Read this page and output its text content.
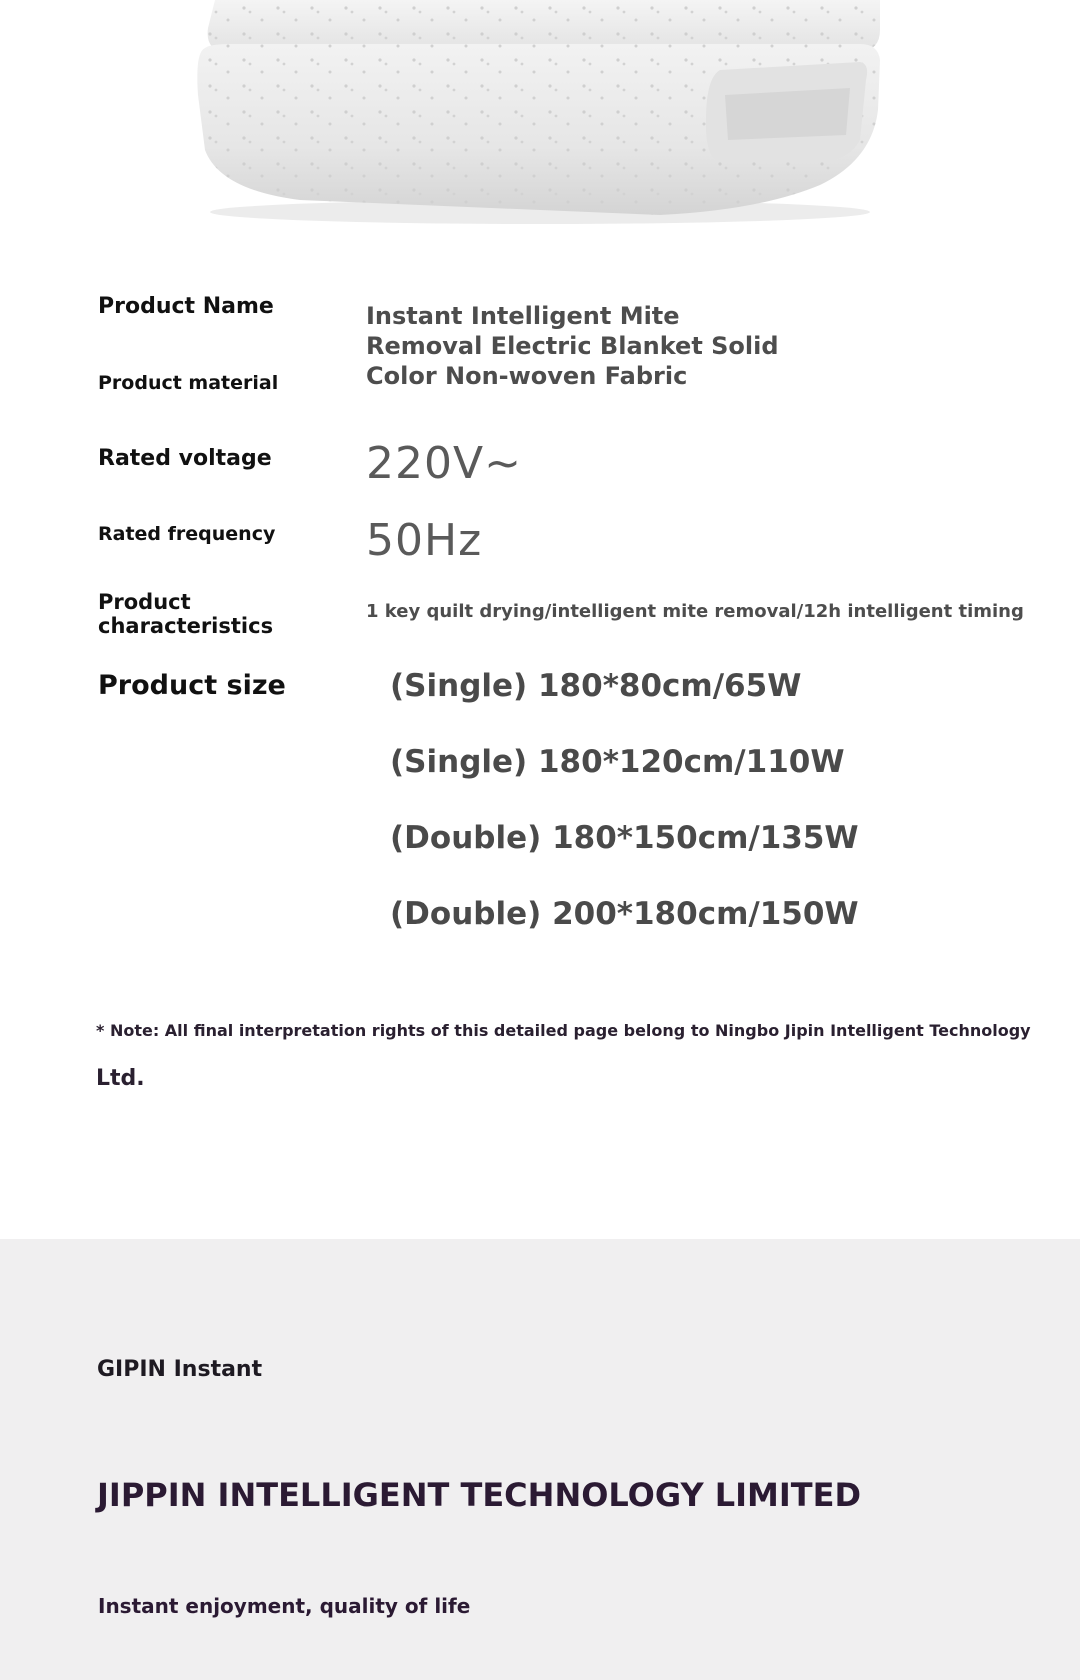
Product Name
Product material
Instant Intelligent Mite Removal Electric Blanket Solid Color Non-woven Fabric
Rated voltage 220V~
Rated frequency 50Hz
Product characteristics
1 key quilt drying/intelligent mite removal/12h intelligent timing
Product size	(Single) 180*80cm/65W
(Single) 180*120cm/110W
(Double) 180*150cm/135W
(Double) 200*180cm/150W
* Note: All final interpretation rights of this detailed page belong to Ningbo Jipin Intelligent Technology
Ltd.
GIPIN Instant
JIPPIN INTELLIGENT TECHNOLOGY LIMITED
Instant enjoyment, quality of life
